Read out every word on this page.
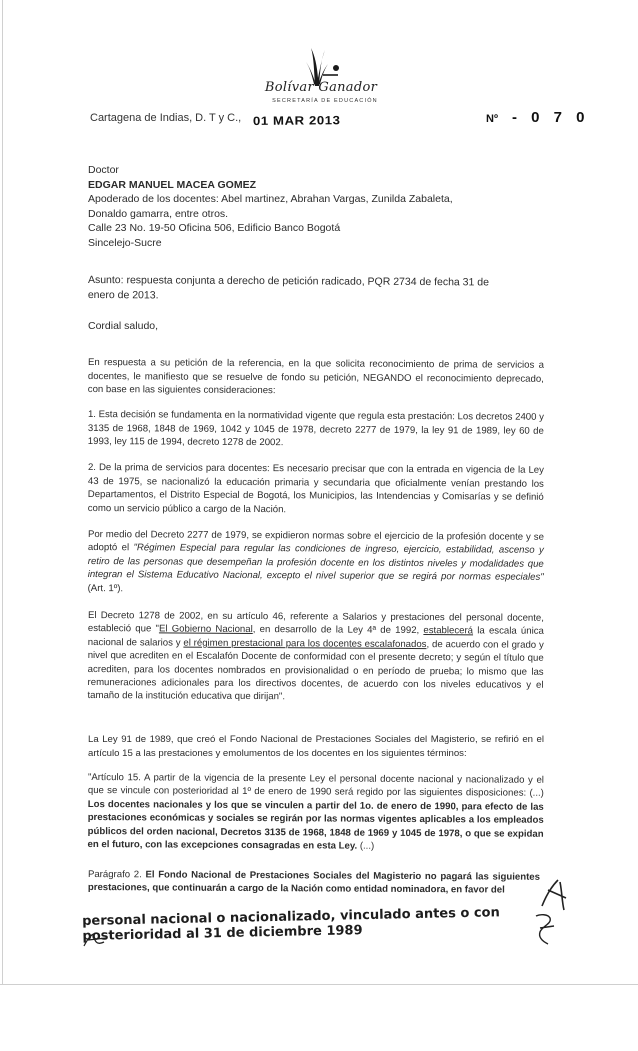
Bolívar Ganador
SECRETARÍA DE EDUCACIÓN
Cartagena de Indias, D. T y C., 01 MAR 2013	Nº - 0 7 0
Doctor
EDGAR MANUEL MACEA GOMEZ
Apoderado de los docentes: Abel martinez, Abrahan Vargas, Zunilda Zabaleta,
Donaldo gamarra, entre otros.
Calle 23 No. 19-50 Oficina 506, Edificio Banco Bogotá
Sincelejo-Sucre
Asunto: respuesta conjunta a derecho de petición radicado, PQR 2734 de fecha 31 de
enero de 2013.
Cordial saludo,
En respuesta a su petición de la referencia, en la que solicita reconocimiento de prima de servicios a docentes, le manifiesto que se resuelve de fondo su petición, NEGANDO el reconocimiento deprecado, con base en las siguientes consideraciones:
1. Esta decisión se fundamenta en la normatividad vigente que regula esta prestación: Los decretos 2400 y 3135 de 1968, 1848 de 1969, 1042 y 1045 de 1978, decreto 2277 de 1979, la ley 91 de 1989, ley 60 de 1993, ley 115 de 1994, decreto 1278 de 2002.
2. De la prima de servicios para docentes: Es necesario precisar que con la entrada en vigencia de la Ley 43 de 1975, se nacionalizó la educación primaria y secundaria que oficialmente venían prestando los Departamentos, el Distrito Especial de Bogotá, los Municipios, las Intendencias y Comisarías y se definió como un servicio público a cargo de la Nación.
Por medio del Decreto 2277 de 1979, se expidieron normas sobre el ejercicio de la profesión docente y se adoptó el "Régimen Especial para regular las condiciones de ingreso, ejercicio, estabilidad, ascenso y retiro de las personas que desempeñan la profesión docente en los distintos niveles y modalidades que integran el Sistema Educativo Nacional, excepto el nivel superior que se regirá por normas especiales" (Art. 1º).
El Decreto 1278 de 2002, en su artículo 46, referente a Salarios y prestaciones del personal docente, estableció que "El Gobierno Nacional, en desarrollo de la Ley 4ª de 1992, establecerá la escala única nacional de salarios y el régimen prestacional para los docentes escalafonados, de acuerdo con el grado y nivel que acrediten en el Escalafón Docente de conformidad con el presente decreto; y según el título que acrediten, para los docentes nombrados en provisionalidad o en período de prueba; lo mismo que las remuneraciones adicionales para los directivos docentes, de acuerdo con los niveles educativos y el tamaño de la institución educativa que dirijan".
La Ley 91 de 1989, que creó el Fondo Nacional de Prestaciones Sociales del Magisterio, se refirió en el artículo 15 a las prestaciones y emolumentos de los docentes en los siguientes términos:
"Artículo 15. A partir de la vigencia de la presente Ley el personal docente nacional y nacionalizado y el que se vincule con posterioridad al 1º de enero de 1990 será regido por las siguientes disposiciones: (...) Los docentes nacionales y los que se vinculen a partir del 1o. de enero de 1990, para efecto de las prestaciones económicas y sociales se regirán por las normas vigentes aplicables a los empleados públicos del orden nacional, Decretos 3135 de 1968, 1848 de 1969 y 1045 de 1978, o que se expidan en el futuro, con las excepciones consagradas en esta Ley. (...)
Parágrafo 2. El Fondo Nacional de Prestaciones Sociales del Magisterio no pagará las siguientes prestaciones, que continuarán a cargo de la Nación como entidad nominadora, en favor del
personal nacional o nacionalizado, vinculado antes o con posterioridad al 31 de diciembre 1989
